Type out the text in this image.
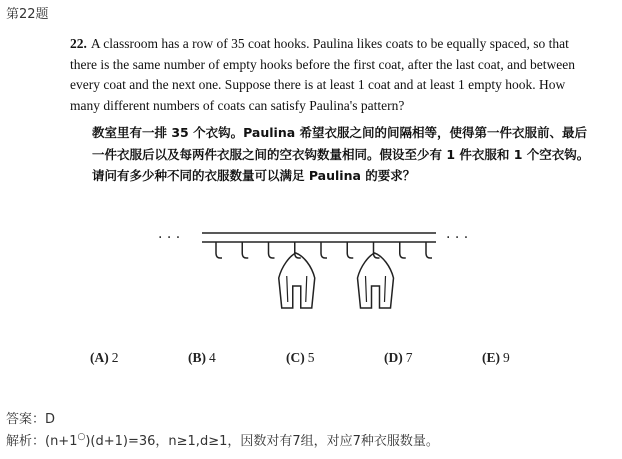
第22题

22. A classroom has a row of 35 coat hooks. Paulina likes coats to be equally spaced, so that there is the same number of empty hooks before the first coat, after the last coat, and between every coat and the next one. Suppose there is at least 1 coat and at least 1 empty hook. How many different numbers of coats can satisfy Paulina's pattern?

教室里有一排 35 个衣钩。Paulina 希望衣服之间的间隔相等，使得第一件衣服前、最后一件衣服后以及每两件衣服之间的空衣钩数量相同。假设至少有 1 件衣服和 1 个空衣钩。请问有多少种不同的衣服数量可以满足 Paulina 的要求？

· · ·	· · ·
(A) 2	(B) 4	(C) 5	(D) 7	(E) 9
答案：D
解析：(n+1○)(d+1)=36，n≥1,d≥1，因数对有7组，对应7种衣服数量。
